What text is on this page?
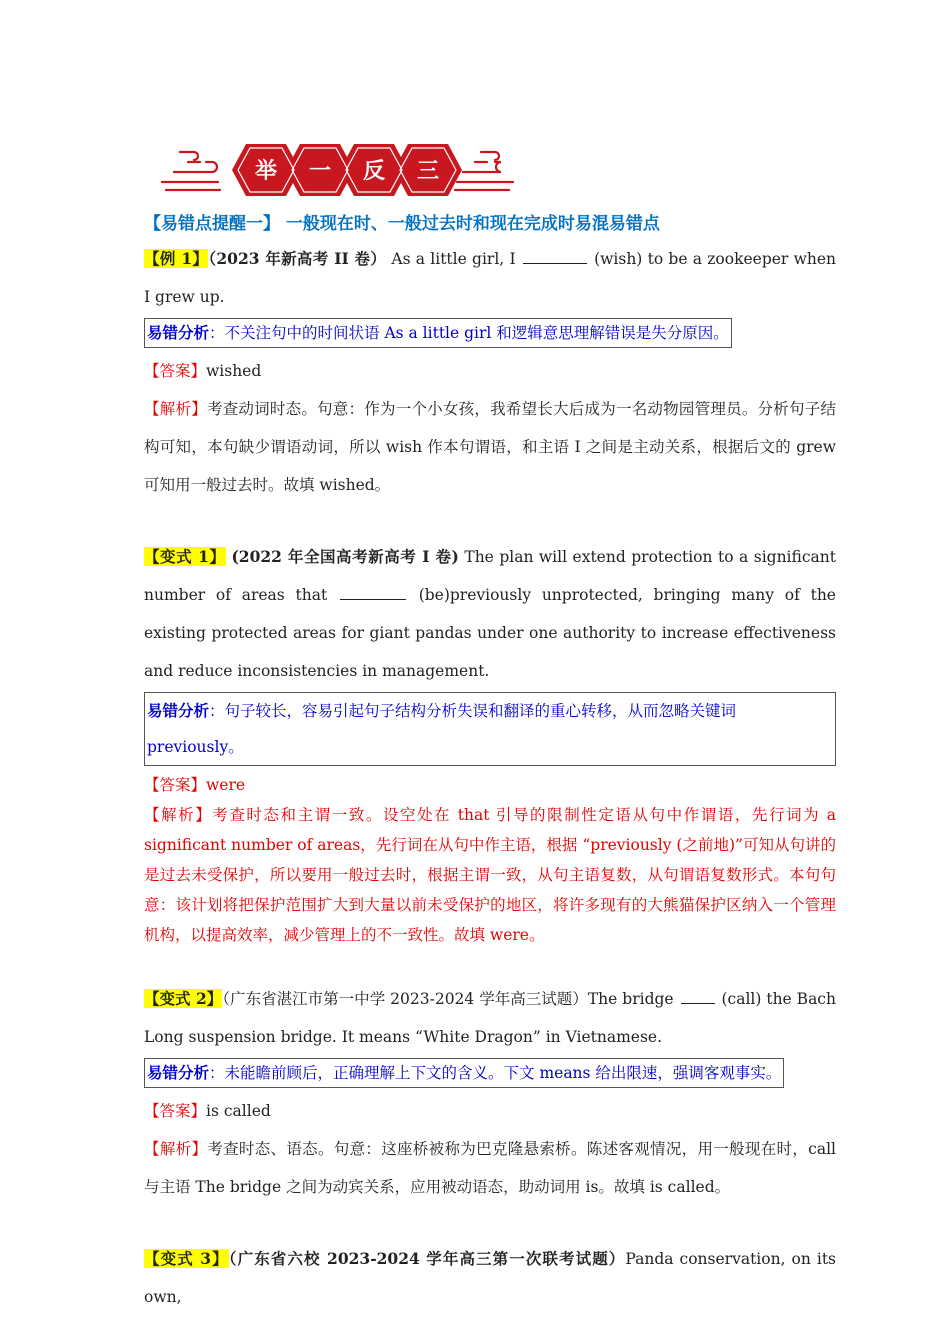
举 一 反 三

【易错点提醒一】 一般现在时、一般过去时和现在完成时易混易错点

【例 1】（2023 年新高考 II 卷） As a little girl, I	(wish) to be a zookeeper when I grew up.

易错分析：不关注句中的时间状语 As a little girl 和逻辑意思理解错误是失分原因。

【答案】wished

【解析】考查动词时态。句意：作为一个小女孩，我希望长大后成为一名动物园管理员。分析句子结构可知，本句缺少谓语动词，所以 wish 作本句谓语，和主语 I 之间是主动关系，根据后文的 grew 可知用一般过去时。故填 wished。

【变式 1】 (2022 年全国高考新高考 I 卷) The plan will extend protection to a significant number of areas that	(be)previously unprotected, bringing many of the existing protected areas for giant pandas under one authority to increase effectiveness and reduce inconsistencies in management.

易错分析：句子较长，容易引起句子结构分析失误和翻译的重心转移，从而忽略关键词 previously。

【答案】were

【解析】考查时态和主谓一致。设空处在 that 引导的限制性定语从句中作谓语，先行词为 a significant number of areas，先行词在从句中作主语，根据 “previously (之前地)”可知从句讲的是过去未受保护，所以要用一般过去时，根据主谓一致，从句主语复数，从句谓语复数形式。本句句意：该计划将把保护范围扩大到大量以前未受保护的地区，将许多现有的大熊猫保护区纳入一个管理机构，以提高效率，减少管理上的不一致性。故填 were。

【变式 2】（广东省湛江市第一中学 2023-2024 学年高三试题）The bridge  (call) the Bach Long suspension bridge. It means “White Dragon” in Vietnamese.

易错分析：未能瞻前顾后，正确理解上下文的含义。下文 means 给出限速，强调客观事实。

【答案】is called

【解析】考查时态、语态。句意：这座桥被称为巴克隆悬索桥。陈述客观情况，用一般现在时，call 与主语 The bridge 之间为动宾关系，应用被动语态，助动词用 is。故填 is called。

【变式 3】（广东省六校 2023-2024 学年高三第一次联考试题）Panda conservation, on its own,
